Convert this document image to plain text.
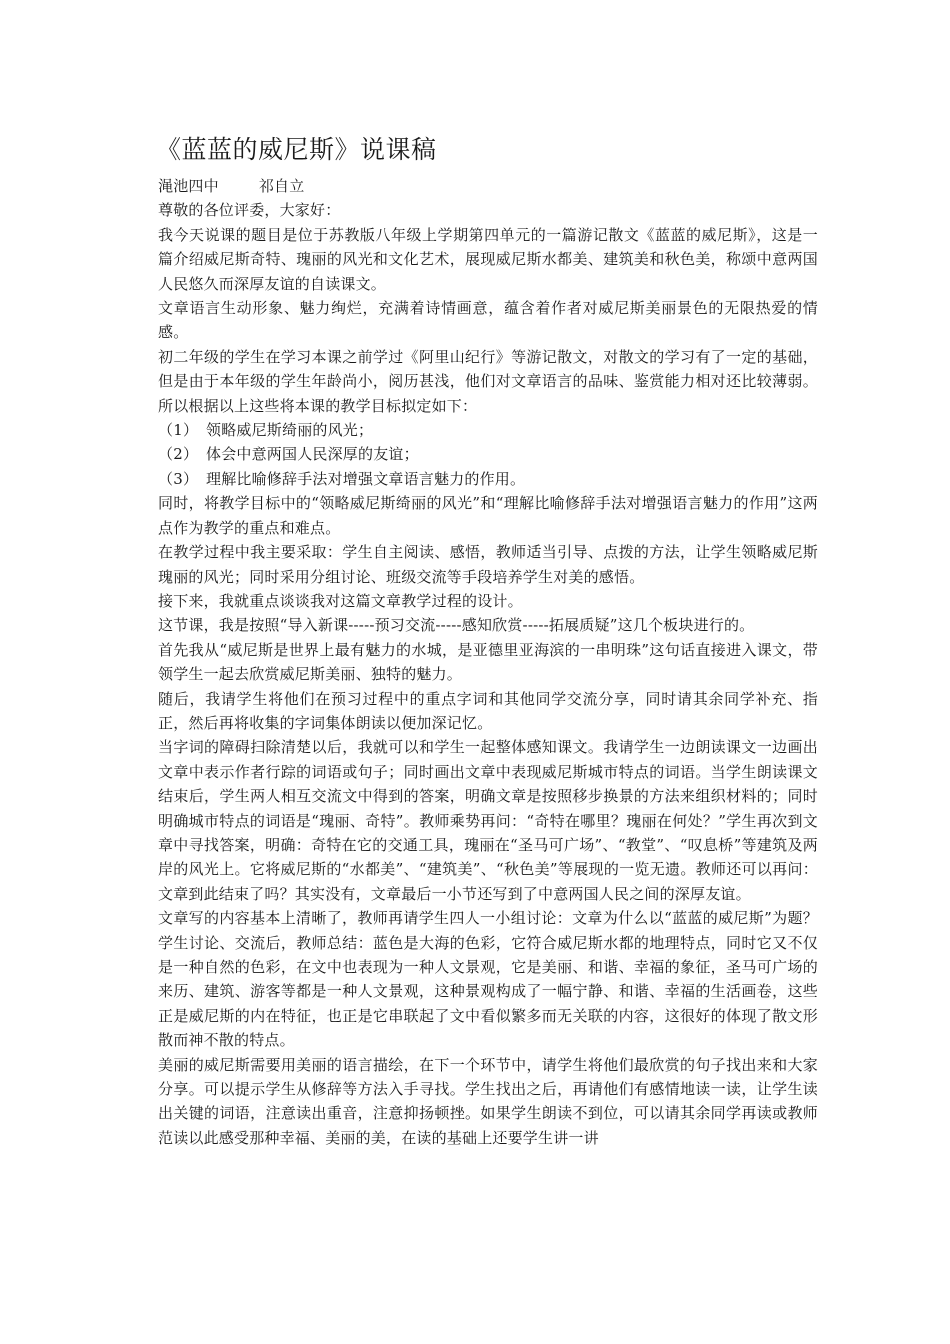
《蓝蓝的威尼斯》说课稿

渑池四中	祁自立

尊敬的各位评委，大家好：

我今天说课的题目是位于苏教版八年级上学期第四单元的一篇游记散文《蓝蓝的威尼斯》，这是一篇介绍威尼斯奇特、瑰丽的风光和文化艺术，展现威尼斯水都美、建筑美和秋色美，称颂中意两国人民悠久而深厚友谊的自读课文。

文章语言生动形象、魅力绚烂，充满着诗情画意，蕴含着作者对威尼斯美丽景色的无限热爱的情感。

初二年级的学生在学习本课之前学过《阿里山纪行》等游记散文，对散文的学习有了一定的基础，但是由于本年级的学生年龄尚小，阅历甚浅，他们对文章语言的品味、鉴赏能力相对还比较薄弱。所以根据以上这些将本课的教学目标拟定如下：

（1） 领略威尼斯绮丽的风光；

（2） 体会中意两国人民深厚的友谊；

（3） 理解比喻修辞手法对增强文章语言魅力的作用。

同时，将教学目标中的“领略威尼斯绮丽的风光”和“理解比喻修辞手法对增强语言魅力的作用”这两点作为教学的重点和难点。

在教学过程中我主要采取：学生自主阅读、感悟，教师适当引导、点拨的方法，让学生领略威尼斯瑰丽的风光；同时采用分组讨论、班级交流等手段培养学生对美的感悟。

接下来，我就重点谈谈我对这篇文章教学过程的设计。

这节课，我是按照“导入新课-----预习交流-----感知欣赏-----拓展质疑”这几个板块进行的。

首先我从“威尼斯是世界上最有魅力的水城，是亚德里亚海滨的一串明珠”这句话直接进入课文，带领学生一起去欣赏威尼斯美丽、独特的魅力。

随后，我请学生将他们在预习过程中的重点字词和其他同学交流分享，同时请其余同学补充、指正，然后再将收集的字词集体朗读以便加深记忆。

当字词的障碍扫除清楚以后，我就可以和学生一起整体感知课文。我请学生一边朗读课文一边画出文章中表示作者行踪的词语或句子；同时画出文章中表现威尼斯城市特点的词语。当学生朗读课文结束后，学生两人相互交流文中得到的答案，明确文章是按照移步换景的方法来组织材料的；同时明确城市特点的词语是“瑰丽、奇特”。教师乘势再问：“奇特在哪里？瑰丽在何处？”学生再次到文章中寻找答案，明确：奇特在它的交通工具，瑰丽在“圣马可广场”、“教堂”、“叹息桥”等建筑及两岸的风光上。它将威尼斯的“水都美”、“建筑美”、“秋色美”等展现的一览无遗。教师还可以再问：文章到此结束了吗？其实没有，文章最后一小节还写到了中意两国人民之间的深厚友谊。

文章写的内容基本上清晰了，教师再请学生四人一小组讨论：文章为什么以“蓝蓝的威尼斯”为题？学生讨论、交流后，教师总结：蓝色是大海的色彩，它符合威尼斯水都的地理特点，同时它又不仅是一种自然的色彩，在文中也表现为一种人文景观，它是美丽、和谐、幸福的象征，圣马可广场的来历、建筑、游客等都是一种人文景观，这种景观构成了一幅宁静、和谐、幸福的生活画卷，这些正是威尼斯的内在特征，也正是它串联起了文中看似繁多而无关联的内容，这很好的体现了散文形散而神不散的特点。

美丽的威尼斯需要用美丽的语言描绘，在下一个环节中，请学生将他们最欣赏的句子找出来和大家分享。可以提示学生从修辞等方法入手寻找。学生找出之后，再请他们有感情地读一读，让学生读出关键的词语，注意读出重音，注意抑扬顿挫。如果学生朗读不到位，可以请其余同学再读或教师范读以此感受那种幸福、美丽的美，在读的基础上还要学生讲一讲
